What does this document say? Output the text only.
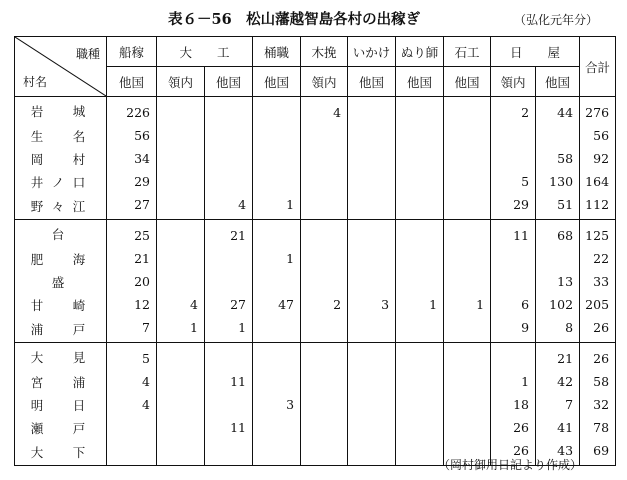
表６－56　松山藩越智島各村の出稼ぎ	（弘化元年分）
職種
村名	船稼	大　　工		桶職	木挽	いかけ	ぬり師	石工	日　　屋		合計
	他国	領内	他国	他国	領内	他国	他国	他国	領内	他国	

岩 城	226				4				2	44	276

生 名	56										56

岡 村	34									58	92

井 ノ 口	29								5	130	164

野 々 江	27		4	1					29	51	112

台	25		21						11	68	125

肥 海	21			1							22

盛	20									13	33

甘 崎	12	4	27	47	2	3	1	1	6	102	205

浦 戸	7	1	1						9	8	26

大 見	5									21	26

宮 浦	4		11						1	42	58

明 日	4			3					18	7	32

瀬 戸			11						26	41	78

大 下									26	43	69
（岡村御用日記より作成）
